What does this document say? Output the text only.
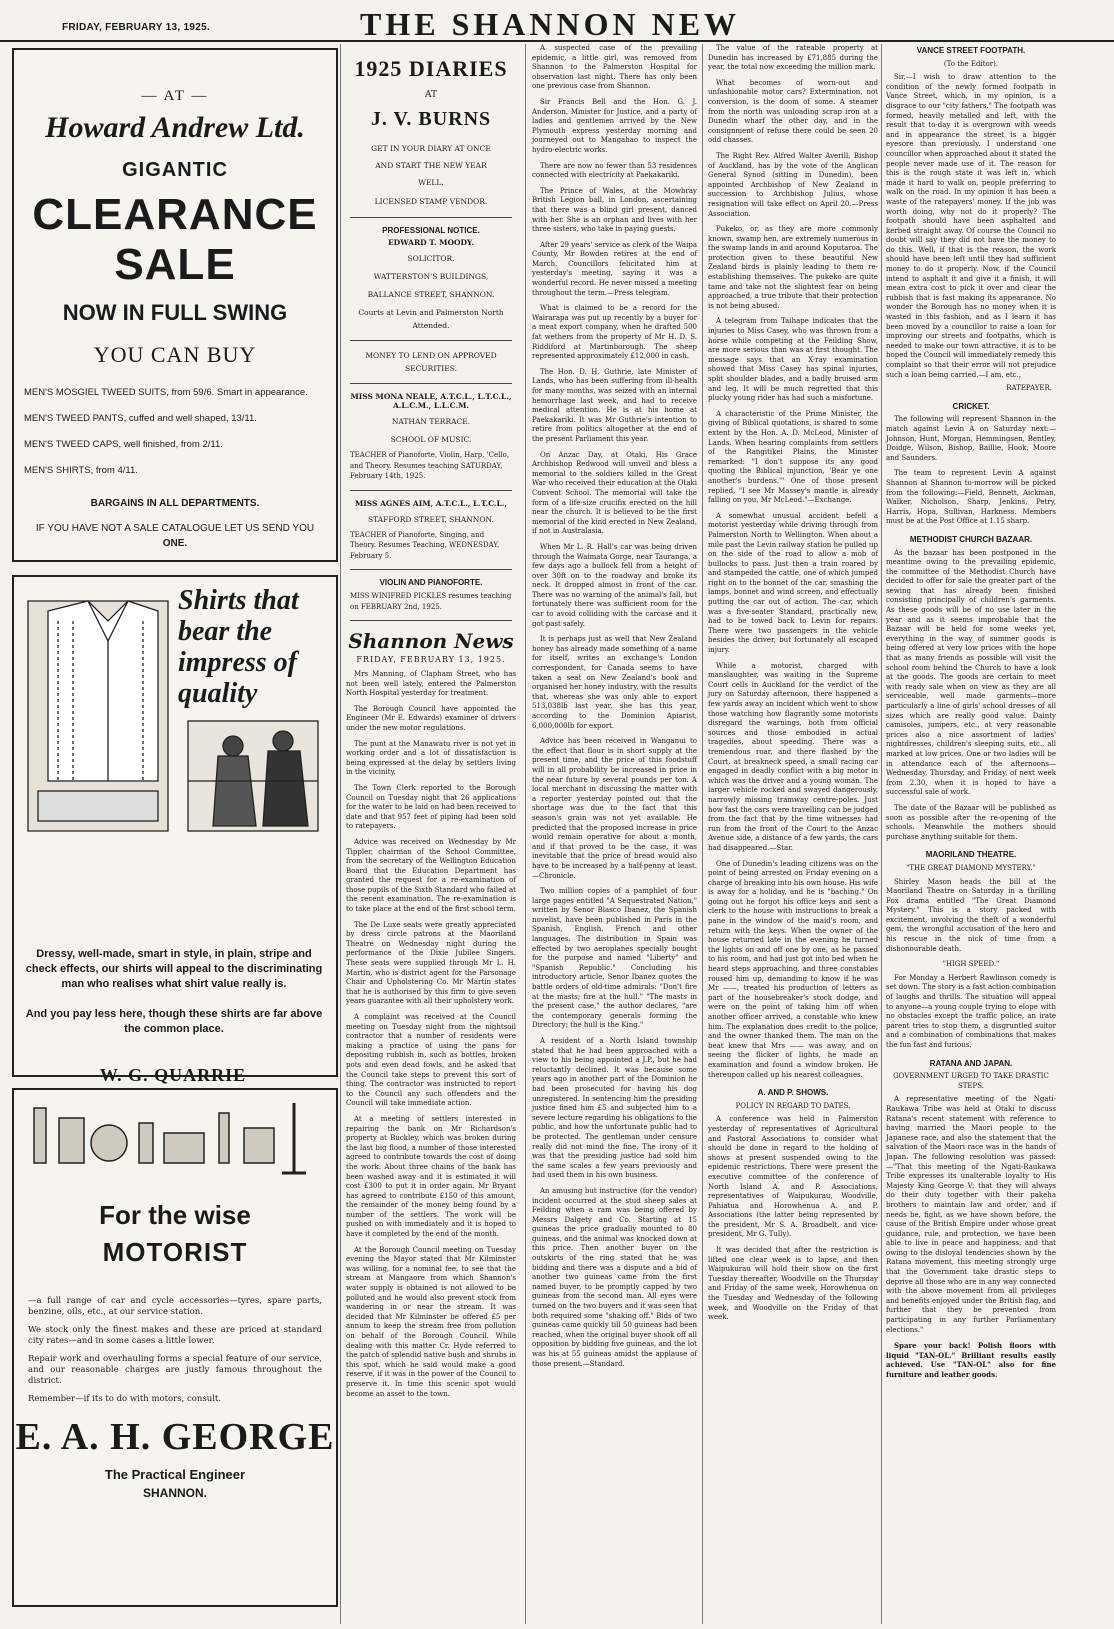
FRIDAY, FEBRUARY 13, 1925.	THE SHANNON NEW
— AT —
Howard Andrew Ltd.
GIGANTIC
CLEARANCE SALE
NOW IN FULL SWING
YOU CAN BUY
MEN'S MOSGIEL TWEED SUITS, from 59/6. Smart in appearance.
MEN'S TWEED PANTS, cuffed and well shaped, 13/11.
MEN'S TWEED CAPS, well finished, from 2/11.
MEN'S SHIRTS, from 4/11.
BARGAINS IN ALL DEPARTMENTS.
IF YOU HAVE NOT A SALE CATALOGUE LET US SEND YOU
ONE.
Shirts that bear the impress of quality
Dressy, well-made, smart in style, in plain, stripe and check effects, our shirts will appeal to the discriminating man who realises what shirt value really is.
And you pay less here, though these shirts are far above the common place.
W. G. QUARRIE
For the wise
MOTORIST

—a full range of car and cycle accessories—tyres, spare parts, benzine, oils, etc., at our service station.

We stock only the finest makes and these are priced at standard city rates—and in some cases a little lower.

Repair work and overhauling forms a special feature of our service, and our reasonable charges are justly famous throughout the district.

Remember—if its to do with motors, consult.

E. A. H. GEORGE
The Practical Engineer
SHANNON.
1925 DIARIES
AT
J. V. BURNS
GET IN YOUR DIARY AT ONCE
AND START THE NEW YEAR
WELL.
LICENSED STAMP VENDOR.
PROFESSIONAL NOTICE.
EDWARD T. MOODY.
SOLICITOR.
WATTERSTON'S BUILDINGS,
BALLANCE STREET, SHANNON.
Courts at Levin and Palmerston North Attended.
MONEY TO LEND ON APPROVED SECURITIES.
MISS MONA NEALE, A.T.C.L., L.T.C.L., A.L.C.M., L.L.C.M.
NATHAN TERRACE.
SCHOOL OF MUSIC.
TEACHER of Pianoforte, Violin, Harp, 'Cello, and Theory. Resumes teaching SATURDAY, February 14th, 1925.
MISS AGNES AIM, A.T.C.L., L.T.C.L.,
STAFFORD STREET, SHANNON.
TEACHER of Pianoforte, Singing, and Theory. Resumes Teaching, WEDNESDAY, February 5.
VIOLIN AND PIANOFORTE.
MISS WINIFRED PICKLES resumes teaching on FEBRUARY 2nd, 1925.
Shannon News
FRIDAY, FEBRUARY 13, 1925.

Mrs Manning, of Clapham Street, who has not been well lately, entered the Palmerston North Hospital yesterday for treatment.

The Borough Council have appointed the Engineer (Mr E. Edwards) examiner of drivers under the new motor regulations.

The punt at the Manawatu river is not yet in working order and a lot of dissatisfaction is being expressed at the delay by settlers living in the vicinity.

The Town Clerk reported to the Borough Council on Tuesday night that 26 applications for the water to be laid on had been received to date and that 957 feet of piping had been sold to ratepayers.

Advice was received on Wednesday by Mr Tippler, chairman of the School Committee, from the secretary of the Wellington Education Board that the Education Department has granted the request for a re-examination of those pupils of the Sixth Standard who failed at the recent examination. The re-examination is to take place at the end of the first school term.

The De Luxe seats were greatly appreciated by dress circle patrons at the Maoriland Theatre on Wednesday night during the performance of the Dixie Jubilee Singers. These seats were supplied through Mr L. H. Martin, who is district agent for the Parsonage Chair and Upholstering Co. Mr Martin states that he is authorised by this firm to give seven years guarantee with all their upholstery work.

A complaint was received at the Council meeting on Tuesday night from the nightsoil contractor that a number of residents were making a practice of using the pans for depositing rubbish in, such as bottles, broken pots and even dead fowls, and he asked that the Council take steps to prevent this sort of thing. The contractor was instructed to report to the Council any such offenders and the Council will take immediate action.

At a meeting of settlers interested in repairing the bank on Mr Richardson's property at Buckley, which was broken during the last big flood, a number of those interested agreed to contribute towards the cost of doing the work. About three chains of the bank has been washed away and it is estimated it will cost £300 to put it in order again. Mr Bryant has agreed to contribute £150 of this amount, the remainder of the money being found by a number of the settlers. The work will be pushed on with immediately and it is hoped to have it completed by the end of the month.

At the Borough Council meeting on Tuesday evening the Mayor stated that Mr Kilminster was willing, for a nominal fee, to see that the stream at Mangaore from which Shannon's water supply is obtained is not allowed to be polluted and he would also prevent stock from wandering in or near the stream. It was decided that Mr Kilminster be offered £5 per annum to keep the stream free from pollution on behalf of the Borough Council. While dealing with this matter Cr. Hyde referred to the patch of splendid native bush and shrubs in this spot, which he said would make a good reserve, if it was in the power of the Council to preserve it. In time this scenic spot would become an asset to the town.

A suspected case of the prevailing epidemic, a little girl, was removed from Shannon to the Palmerston Hospital for observation last night. There has only been one previous case from Shannon.

Sir Francis Bell and the Hon. G. J. Anderson, Minister for Justice, and a party of ladies and gentlemen arrived by the New Plymouth express yesterday morning and journeyed out to Mangahao to inspect the hydro-electric works.

There are now no fewer than 53 residences connected with electricity at Paekakariki.

The Prince of Wales, at the Mowbray British Legion ball, in London, ascertaining that there was a blind girl present, danced with her. She is an orphan and lives with her three sisters, who take in paying guests.

After 29 years' service as clerk of the Waipa County, Mr Bowden retires at the end of March. Councillors felicitated him at yesterday's meeting, saying it was a wonderful record. He never missed a meeting throughout the term.—Press telegram.

What is claimed to be a record for the Wairarapa was put up recently by a buyer for a meat export company, when he drafted 500 fat wethers from the property of Mr H. D. S. Riddiford at Martinborough. The sheep represented approximately £12,000 in cash.

The Hon. D. H. Guthrie, late Minister of Lands, who has been suffering from ill-health for many months, was seized with an internal hemorrhage last week, and had to receive medical attention. He is at his home at Paekakariki. It was Mr Guthrie's intention to retire from politics altogether at the end of the present Parliament this year.

On Anzac Day, at Otaki, His Grace Archbishop Redwood will unveil and bless a memorial to the soldiers killed in the Great War who received their education at the Otaki Convent School. The memorial will take the form of a life-size crucifix erected on the hill near the church. It is believed to be the first memorial of the kind erected in New Zealand, if not in Australasia.

When Mr L. R. Hall's car was being driven through the Waimata Gorge, near Tauranga, a few days ago a bullock fell from a height of over 30ft on to the roadway and broke its neck. It dropped almost in front of the car. There was no warning of the animal's fall, but fortunately there was sufficient room for the car to avoid colliding with the carcase and it got past safely.

It is perhaps just as well that New Zealand honey has already made something of a name for itself, writes an exchange's London correspondent, for Canada seems to have taken a seat on New Zealand's book and organised her honey industry, with the results that, whereas she was only able to export 513,038lb last year, she has this year, according to the Dominion Apiarist, 6,000,000lb for export.

Advice has been received in Wanganui to the effect that flour is in short supply at the present time, and the price of this foodstuff will in all probability be increased in price in the near future by several pounds per ton. A local merchant in discussing the matter with a reporter yesterday pointed out that the shortage was due to the fact that this season's grain was not yet available. He predicted that the proposed increase in price would remain operative for about a month, and if that proved to be the case, it was inevitable that the price of bread would also have to be increased by a half-penny at least.—Chronicle.

Two million copies of a pamphlet of four large pages entitled "A Sequestrated Nation," written by Senor Blasco Ibanez, the Spanish novelist, have been published in Paris in the Spanish, English, French and other languages. The distribution in Spain was effected by two aeroplanes specially bought for the purpose and named "Liberty" and "Spanish Republic." Concluding his introductory article, Senor Ibanez quotes the battle orders of old-time admirals: "Don't fire at the masts; fire at the hull." "The masts in the present case," the author declares, "are the contemporary generals forming the Directory; the hull is the King."

A resident of a North Island township stated that he had been approached with a view to his being appointed a J.P., but he had reluctantly declined. It was because some years ago in another part of the Dominion he had been prosecuted for having his dog unregistered. In sentencing him the presiding justice fined him £5 and subjected him to a severe lecture regarding his obligations to the public, and how the unfortunate public had to be protected. The gentleman under censure really did not mind the fine. The irony of it was that the presiding justice had sold him the same scales a few years previously and had used them in his own business.

An amusing but instructive (for the vendor) incident occurred at the stud sheep sales at Feilding when a ram was being offered by Messrs Dalgety and Co. Starting at 15 guineas the price gradually mounted to 80 guineas, and the animal was knocked down at this price. Then another buyer on the outskirts of the ring stated that he was bidding and there was a dispute and a bid of another two guineas came from the first named buyer, to be promptly capped by two guineas from the second man. All eyes were turned on the two buyers and it was seen that both required some "shaking off." Bids of two guineas came quickly till 50 guineas had been reached, when the original buyer shook off all opposition by bidding five guineas, and the lot was his at 55 guineas amidst the applause of those present.—Standard.

The value of the rateable property at Dunedin has increased by £71,885 during the year, the total now exceeding the million mark.

What becomes of worn-out and unfashionable motor cars? Extermination, not conversion, is the doom of some. A steamer from the north was unloading scrap iron at a Dunedin wharf the other day, and in the consignment of refuse there could be seen 20 odd chasses.

The Right Rev. Alfred Walter Averill, Bishop of Auckland, has by the vote of the Anglican General Synod (sitting in Dunedin), been appointed Archbishop of New Zealand in succession to Archbishop Julius, whose resignation will take effect on April 20.—Press Association.

Pukeko, or, as they are more commonly known, swamp hen, are extremely numerous in the swamp lands in and around Koputaroa. The protection given to these beautiful New Zealand birds is plainly leading to them re-establishing themselves. The pukeko are quite tame and take not the slightest fear on being approached, a true tribute that their protection is not being abused.

A telegram from Taihape indicates that the injuries to Miss Casey, who was thrown from a horse while competing at the Feilding Show, are more serious than was at first thought. The message says that an X-ray examination showed that Miss Casey has spinal injuries, split shoulder blades, and a badly bruised arm and leg. It will be much regretted that this plucky young rider has had such a misfortune.

A characteristic of the Prime Minister, the giving of Biblical quotations, is shared to some extent by the Hon. A. D. McLeod, Minister of Lands. When hearing complaints from settlers of the Rangitikei Plains, the Minister remarked: "I don't suppose its any good quoting the Biblical injunction, 'Bear ye one another's burdens.'" One of those present replied, "I see Mr Massey's mantle is already falling on you, Mr McLeod."—Exchange.

A somewhat unusual accident befell a motorist yesterday while driving through from Palmerston North to Wellington. When about a mile past the Levin railway station he pulled up on the side of the road to allow a mob of bullocks to pass. Just then a train roared by and stampeded the cattle, one of which jumped right on to the bonnet of the car, smashing the lamps, bonnet and wind screen, and effectually putting the car out of action. The car, which was a five-seater Standard, practically new, had to be towed back to Levin for repairs. There were two passengers in the vehicle besides the driver, but fortunately all escaped injury.

While a motorist, charged with manslaughter, was waiting in the Supreme Court cells in Auckland for the verdict of the jury on Saturday afternoon, there happened a few yards away an incident which went to show those watching how flagrantly some motorists disregard the warnings, both from official sources and those embodied in actual tragedies, about speeding. There was a tremendous roar, and there flashed by the Court, at breakneck speed, a small racing car engaged in deadly conflict with a big motor in which was the driver and a young woman. The larger vehicle rocked and swayed dangerously, narrowly missing tramway centre-poles. Just how fast the cars were travelling can be judged from the fact that by the time witnesses had run from the front of the Court to the Anzac Avenue side, a distance of a few yards, the cars had disappeared.—Star.

One of Dunedin's leading citizens was on the point of being arrested on Friday evening on a charge of breaking into his own house. His wife is away for a holiday, and he is "baching." On going out he forgot his office keys and sent a clerk to the house with instructions to break a pane in the window of the maid's room, and return with the keys. When the owner of the house returned late in the evening he turned the lights on and off one by one, as he passed to his room, and had just got into bed when he heard steps approaching, and three constables roused him up, demanding to know if he was Mr ——, treated his production of letters as part of the housebreaker's stock dodge, and were on the point of taking him off when another officer arrived, a constable who knew him. The explanation does credit to the police, and the owner thanked them. The man on the beat knew that Mrs —— was away, and on seeing the flicker of lights, he made an examination and found a window broken. He thereupon called up his nearest colleagues.

A. AND P. SHOWS.
POLICY IN REGARD TO DATES.

A conference was held in Palmerston yesterday of representatives of Agricultural and Pastoral Associations to consider what should be done in regard to the holding of shows at present suspended owing to the epidemic restrictions. There were present the executive committee of the conference of North Island A. and P. Associations, representatives of Waipukurau, Woodville, Pahiatua and Horowhenua A. and P. Associations (the latter being represented by the president, Mr S. A. Broadbelt, and vice-president, Mr G. Tully).

It was decided that after the restriction is lifted one clear week is to lapse, and then Waipukurau will hold their show on the first Tuesday thereafter, Woodville on the Thursday and Friday of the same week, Horowhenua on the Tuesday and Wednesday of the following week, and Woodville on the Friday of that week.

VANCE STREET FOOTPATH.
(To the Editor).

Sir,—I wish to draw attention to the condition of the newly formed footpath in Vance Street, which, in my opinion, is a disgrace to our "city fathers." The footpath was formed, heavily metalled and left, with the result that to-day it is overgrown with weeds and in appearance the street is a bigger eyesore than previously. I understand one councillor when approached about it stated the people never made use of it. The reason for this is the rough state it was left in, which made it hard to walk on, people preferring to walk on the road. In my opinion it has been a waste of the ratepayers' money. If the job was worth doing, why not do it properly? The footpath should have been asphalted and kerbed straight away. Of course the Council no doubt will say they did not have the money to do this. Well, if that is the reason, the work should have been left until they had sufficient money to do it properly. Now, if the Council intend to asphalt it and give it a finish, it will mean extra cost to pick it over and clear the rubbish that is fast making its appearance. No wonder the Borough has no money when it is wasted in this fashion, and as I learn it has been moved by a councillor to raise a loan for improving our streets and footpaths, which is needed to make our town attractive, it is to be hoped the Council will immediately remedy this complaint so that their error will not prejudice such a loan being carried.—I am, etc.,

RATEPAYER.
CRICKET.

The following will represent Shannon in the match against Levin A on Saturday next:—Johnson, Hunt, Morgan, Hemmingsen, Bentley, Doidge, Wilson, Bishop, Baillie, Hook, Moore and Saunders.

The team to represent Levin A against Shannon at Shannon to-morrow will be picked from the following:—Field, Bennett, Aickman, Walker, Nicholson, Sharp, Jenkins, Petry, Harris, Hopa, Sullivan, Harkness. Members must be at the Post Office at 1.15 sharp.

METHODIST CHURCH BAZAAR.

As the bazaar has been postponed in the meantime owing to the prevailing epidemic, the committee of the Methodist Church have decided to offer for sale the greater part of the sewing that has already been finished consisting principally of children's garments. As these goods will be of no use later in the year and as it seems improbable that the Bazaar will be held for some weeks yet, everything in the way of summer goods is being offered at very low prices with the hope that as many friends as possible will visit the school room behind the Church to have a look at the goods. The goods are certain to meet with ready sale when on view as they are all serviceable, well made garments—more particularly a line of girls' school dresses of all sizes which are really good value. Dainty camisoles, jumpers, etc., at very reasonable prices also a nice assortment of ladies' nightdresses, children's sleeping suits, etc., all marked at low prices. One or two ladies will be in attendance each of the afternoons—Wednesday, Thursday, and Friday, of next week from 2.30, when it is hoped to have a successful sale of work.

The date of the Bazaar will be published as soon as possible after the re-opening of the schools. Meanwhile the mothers should purchase anything suitable for them.

MAORILAND THEATRE.
"THE GREAT DIAMOND MYSTERY."

Shirley Mason heads the bill at the Maoriland Theatre on Saturday in a thrilling Fox drama entitled "The Great Diamond Mystery." This is a story packed with excitement, involving the theft of a wonderful gem, the wrongful accusation of the hero and his rescue in the nick of time from a dishonourable death.

"HIGH SPEED."

For Monday a Herbert Rawlinson comedy is set down. The story is a fast action combination of laughs and thrills. The situation will appeal to anyone—a young couple trying to elope with no obstacles except the traffic police, an irate parent tries to stop them, a disgruntled suitor and a combination of combinations that makes the fun fast and furious.

RATANA AND JAPAN.
GOVERNMENT URGED TO TAKE DRASTIC STEPS.

A representative meeting of the Ngati-Raukawa Tribe was held at Otaki to discuss Ratana's recent statement with reference to having married the Maori people to the Japanese race, and also the statement that the salvation of the Maori race was in the hands of Japan. The following resolution was passed:—"That this meeting of the Ngati-Raukawa Tribe expresses its unalterable loyalty to His Majesty King George V; that they will always do their duty together with their pakeha brothers to maintain law and order, and if needs be, fight, as we have shown before, the cause of the British Empire under whose great guidance, rule, and protection, we have been able to live in peace and happiness, and that owing to the disloyal tendencies shown by the Ratana movement, this meeting strongly urge that the Government take drastic steps to deprive all those who are in any way connected with the above movement from all privileges and benefits enjoyed under the British flag, and further that they be prevented from participating in any further Parliamentary elections."

Spare your back! Polish floors with liquid "TAN-OL." Brilliant results easily achieved. Use "TAN-OL" also for fine furniture and leather goods.
